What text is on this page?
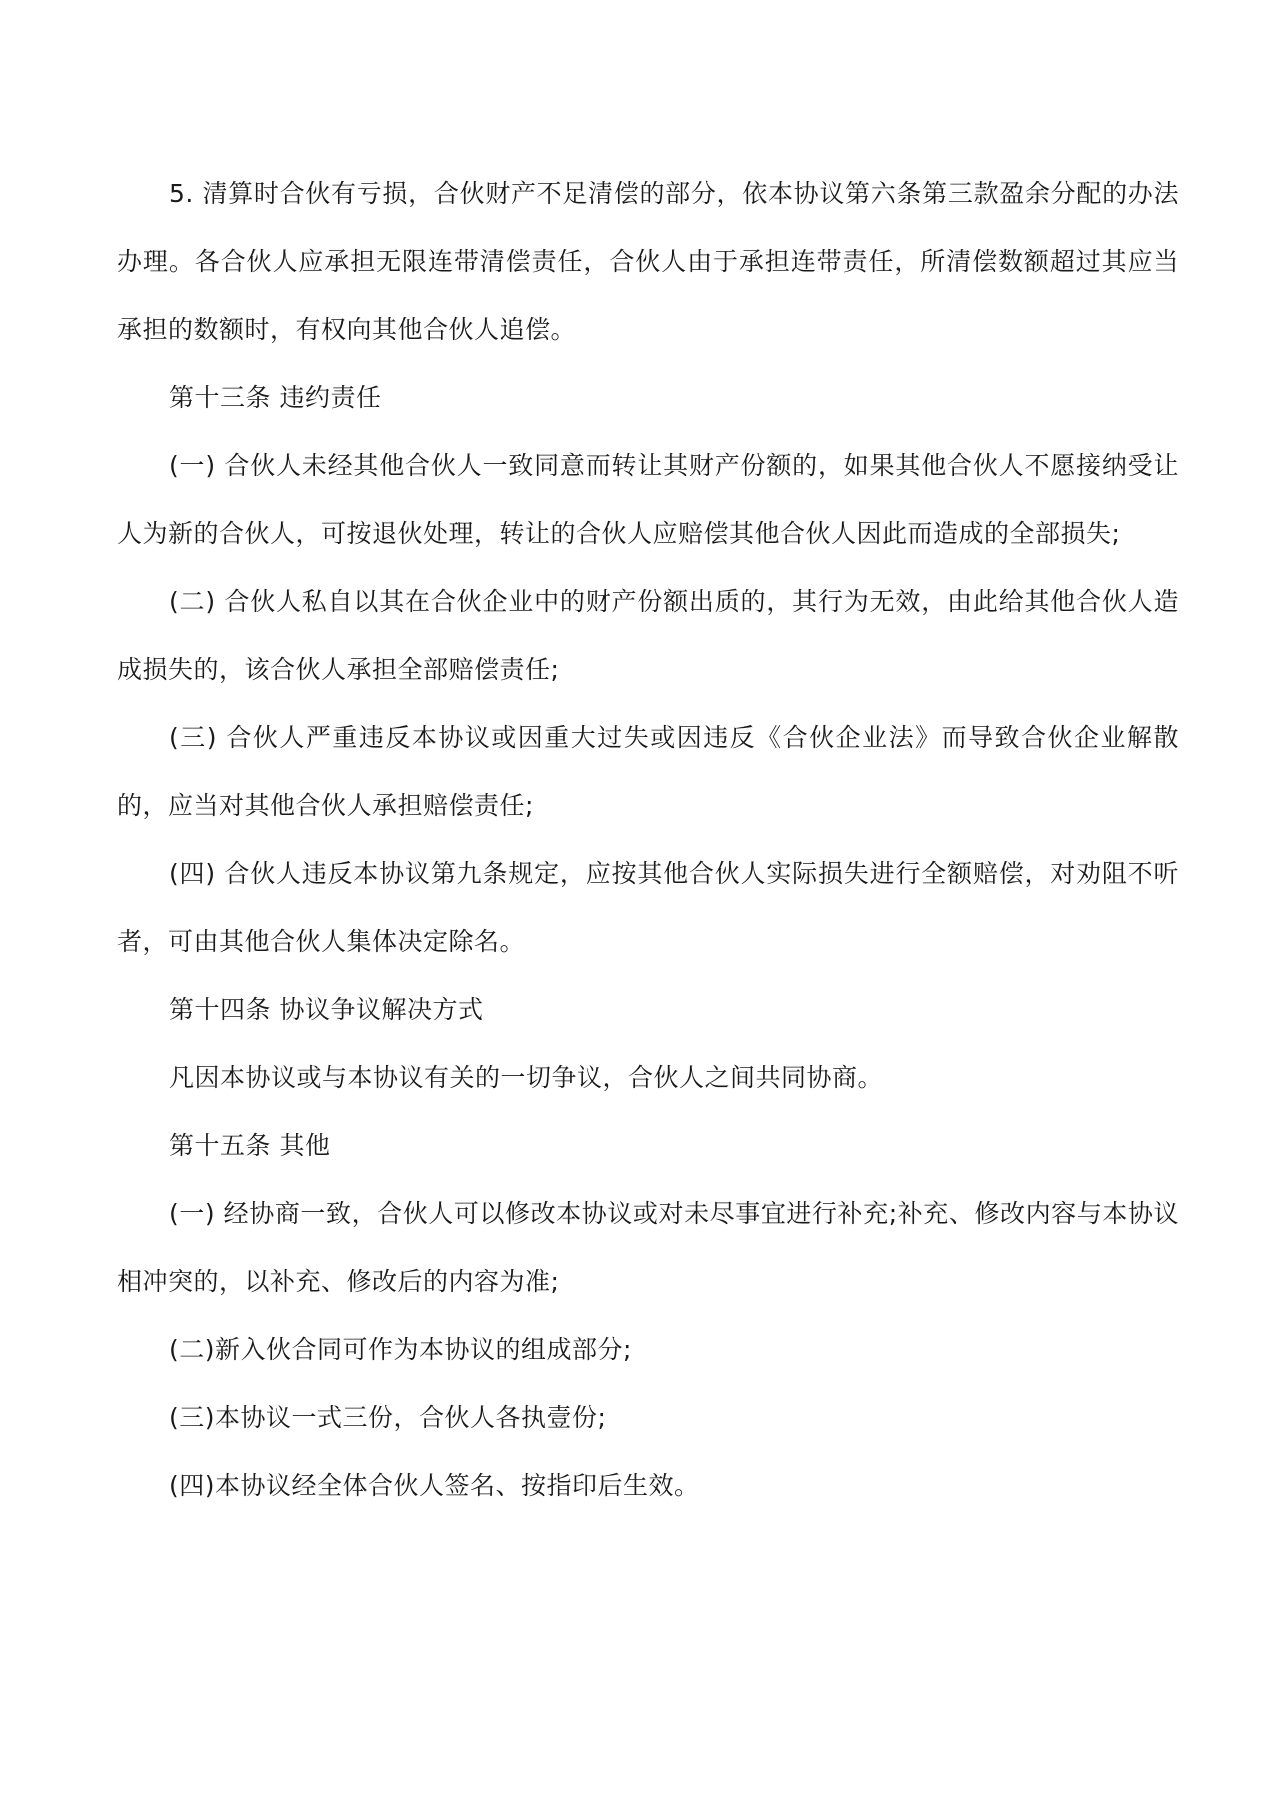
5. 清算时合伙有亏损，合伙财产不足清偿的部分，依本协议第六条第三款盈余分配的办法办理。各合伙人应承担无限连带清偿责任，合伙人由于承担连带责任，所清偿数额超过其应当承担的数额时，有权向其他合伙人追偿。

第十三条 违约责任

(一) 合伙人未经其他合伙人一致同意而转让其财产份额的，如果其他合伙人不愿接纳受让人为新的合伙人，可按退伙处理，转让的合伙人应赔偿其他合伙人因此而造成的全部损失;

(二) 合伙人私自以其在合伙企业中的财产份额出质的，其行为无效，由此给其他合伙人造成损失的，该合伙人承担全部赔偿责任;

(三) 合伙人严重违反本协议或因重大过失或因违反《合伙企业法》而导致合伙企业解散的，应当对其他合伙人承担赔偿责任;

(四) 合伙人违反本协议第九条规定，应按其他合伙人实际损失进行全额赔偿，对劝阻不听者，可由其他合伙人集体决定除名。

第十四条 协议争议解决方式

凡因本协议或与本协议有关的一切争议，合伙人之间共同协商。

第十五条 其他

(一) 经协商一致，合伙人可以修改本协议或对未尽事宜进行补充;补充、修改内容与本协议相冲突的，以补充、修改后的内容为准;

(二)新入伙合同可作为本协议的组成部分;

(三)本协议一式三份，合伙人各执壹份;

(四)本协议经全体合伙人签名、按指印后生效。
